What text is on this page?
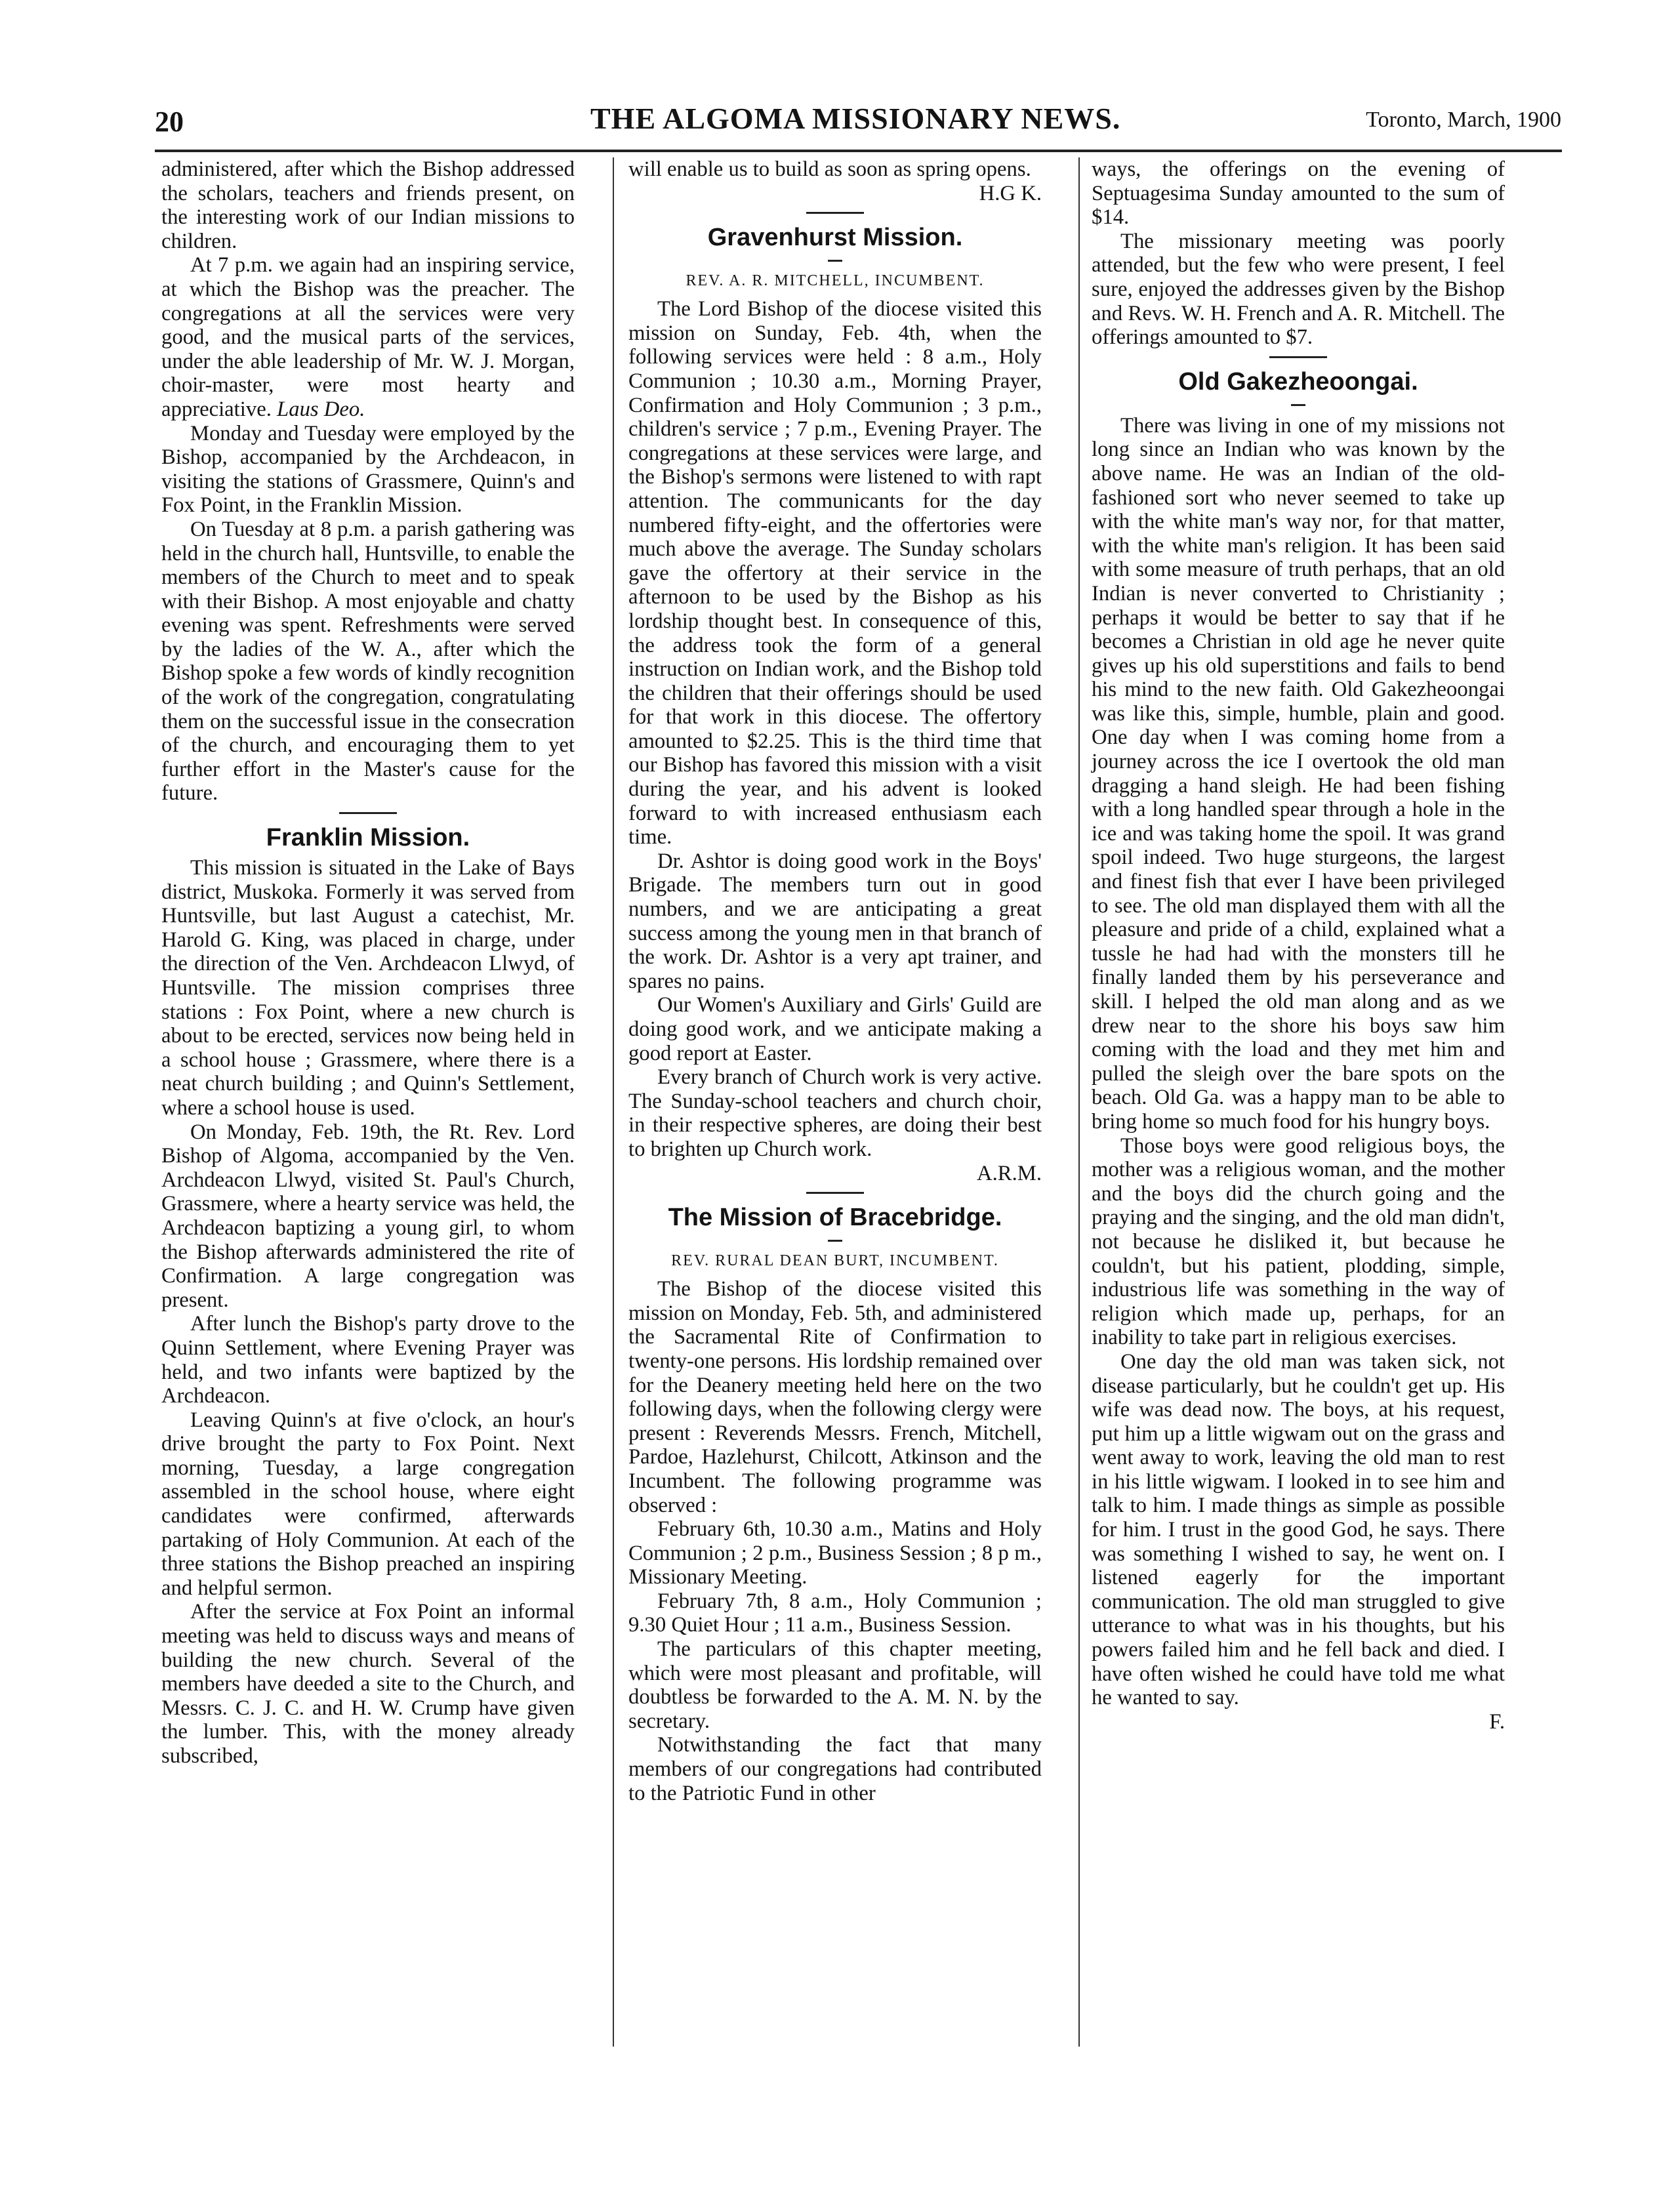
20	THE ALGOMA MISSIONARY NEWS.	Toronto, March, 1900

administered, after which the Bishop addressed the scholars, teachers and friends present, on the interesting work of our Indian missions to children.

At 7 p.m. we again had an inspiring service, at which the Bishop was the preacher. The congregations at all the services were very good, and the musical parts of the services, under the able leadership of Mr. W. J. Morgan, choir-master, were most hearty and appreciative. Laus Deo.

Monday and Tuesday were employed by the Bishop, accompanied by the Archdeacon, in visiting the stations of Grassmere, Quinn's and Fox Point, in the Franklin Mission.

On Tuesday at 8 p.m. a parish gathering was held in the church hall, Huntsville, to enable the members of the Church to meet and to speak with their Bishop. A most enjoyable and chatty evening was spent. Refreshments were served by the ladies of the W. A., after which the Bishop spoke a few words of kindly recognition of the work of the congregation, congratulating them on the successful issue in the consecration of the church, and encouraging them to yet further effort in the Master's cause for the future.

Franklin Mission.

This mission is situated in the Lake of Bays district, Muskoka. Formerly it was served from Huntsville, but last August a catechist, Mr. Harold G. King, was placed in charge, under the direction of the Ven. Archdeacon Llwyd, of Huntsville. The mission comprises three stations : Fox Point, where a new church is about to be erected, services now being held in a school house ; Grassmere, where there is a neat church building ; and Quinn's Settlement, where a school house is used.

On Monday, Feb. 19th, the Rt. Rev. Lord Bishop of Algoma, accompanied by the Ven. Archdeacon Llwyd, visited St. Paul's Church, Grassmere, where a hearty service was held, the Archdeacon baptizing a young girl, to whom the Bishop afterwards administered the rite of Confirmation. A large congregation was present.

After lunch the Bishop's party drove to the Quinn Settlement, where Evening Prayer was held, and two infants were baptized by the Archdeacon.

Leaving Quinn's at five o'clock, an hour's drive brought the party to Fox Point. Next morning, Tuesday, a large congregation assembled in the school house, where eight candidates were confirmed, afterwards partaking of Holy Communion. At each of the three stations the Bishop preached an inspiring and helpful sermon.

After the service at Fox Point an informal meeting was held to discuss ways and means of building the new church. Several of the members have deeded a site to the Church, and Messrs. C. J. C. and H. W. Crump have given the lumber. This, with the money already subscribed,

will enable us to build as soon as spring opens.

H.G K.
Gravenhurst Mission.
REV. A. R. MITCHELL, INCUMBENT.

The Lord Bishop of the diocese visited this mission on Sunday, Feb. 4th, when the following services were held : 8 a.m., Holy Communion ; 10.30 a.m., Morning Prayer, Confirmation and Holy Communion ; 3 p.m., children's service ; 7 p.m., Evening Prayer. The congregations at these services were large, and the Bishop's sermons were listened to with rapt attention. The communicants for the day numbered fifty-eight, and the offertories were much above the average. The Sunday scholars gave the offertory at their service in the afternoon to be used by the Bishop as his lordship thought best. In consequence of this, the address took the form of a general instruction on Indian work, and the Bishop told the children that their offerings should be used for that work in this diocese. The offertory amounted to $2.25. This is the third time that our Bishop has favored this mission with a visit during the year, and his advent is looked forward to with increased enthusiasm each time.

Dr. Ashtor is doing good work in the Boys' Brigade. The members turn out in good numbers, and we are anticipating a great success among the young men in that branch of the work. Dr. Ashtor is a very apt trainer, and spares no pains.

Our Women's Auxiliary and Girls' Guild are doing good work, and we anticipate making a good report at Easter.

Every branch of Church work is very active. The Sunday-school teachers and church choir, in their respective spheres, are doing their best to brighten up Church work.

A.R.M.
The Mission of Bracebridge.
REV. RURAL DEAN BURT, INCUMBENT.

The Bishop of the diocese visited this mission on Monday, Feb. 5th, and administered the Sacramental Rite of Confirmation to twenty-one persons. His lordship remained over for the Deanery meeting held here on the two following days, when the following clergy were present : Reverends Messrs. French, Mitchell, Pardoe, Hazlehurst, Chilcott, Atkinson and the Incumbent. The following programme was observed :

February 6th, 10.30 a.m., Matins and Holy Communion ; 2 p.m., Business Session ; 8 p m., Missionary Meeting.

February 7th, 8 a.m., Holy Communion ; 9.30 Quiet Hour ; 11 a.m., Business Session.

The particulars of this chapter meeting, which were most pleasant and profitable, will doubtless be forwarded to the A. M. N. by the secretary.

Notwithstanding the fact that many members of our congregations had contributed to the Patriotic Fund in other

ways, the offerings on the evening of Septuagesima Sunday amounted to the sum of $14.

The missionary meeting was poorly attended, but the few who were present, I feel sure, enjoyed the addresses given by the Bishop and Revs. W. H. French and A. R. Mitchell. The offerings amounted to $7.

Old Gakezheoongai.

There was living in one of my missions not long since an Indian who was known by the above name. He was an Indian of the old-fashioned sort who never seemed to take up with the white man's way nor, for that matter, with the white man's religion. It has been said with some measure of truth perhaps, that an old Indian is never converted to Christianity ; perhaps it would be better to say that if he becomes a Christian in old age he never quite gives up his old superstitions and fails to bend his mind to the new faith. Old Gakezheoongai was like this, simple, humble, plain and good. One day when I was coming home from a journey across the ice I overtook the old man dragging a hand sleigh. He had been fishing with a long handled spear through a hole in the ice and was taking home the spoil. It was grand spoil indeed. Two huge sturgeons, the largest and finest fish that ever I have been privileged to see. The old man displayed them with all the pleasure and pride of a child, explained what a tussle he had had with the monsters till he finally landed them by his perseverance and skill. I helped the old man along and as we drew near to the shore his boys saw him coming with the load and they met him and pulled the sleigh over the bare spots on the beach. Old Ga. was a happy man to be able to bring home so much food for his hungry boys.

Those boys were good religious boys, the mother was a religious woman, and the mother and the boys did the church going and the praying and the singing, and the old man didn't, not because he disliked it, but because he couldn't, but his patient, plodding, simple, industrious life was something in the way of religion which made up, perhaps, for an inability to take part in religious exercises.

One day the old man was taken sick, not disease particularly, but he couldn't get up. His wife was dead now. The boys, at his request, put him up a little wigwam out on the grass and went away to work, leaving the old man to rest in his little wigwam. I looked in to see him and talk to him. I made things as simple as possible for him. I trust in the good God, he says. There was something I wished to say, he went on. I listened eagerly for the important communication. The old man struggled to give utterance to what was in his thoughts, but his powers failed him and he fell back and died. I have often wished he could have told me what he wanted to say.

F.
